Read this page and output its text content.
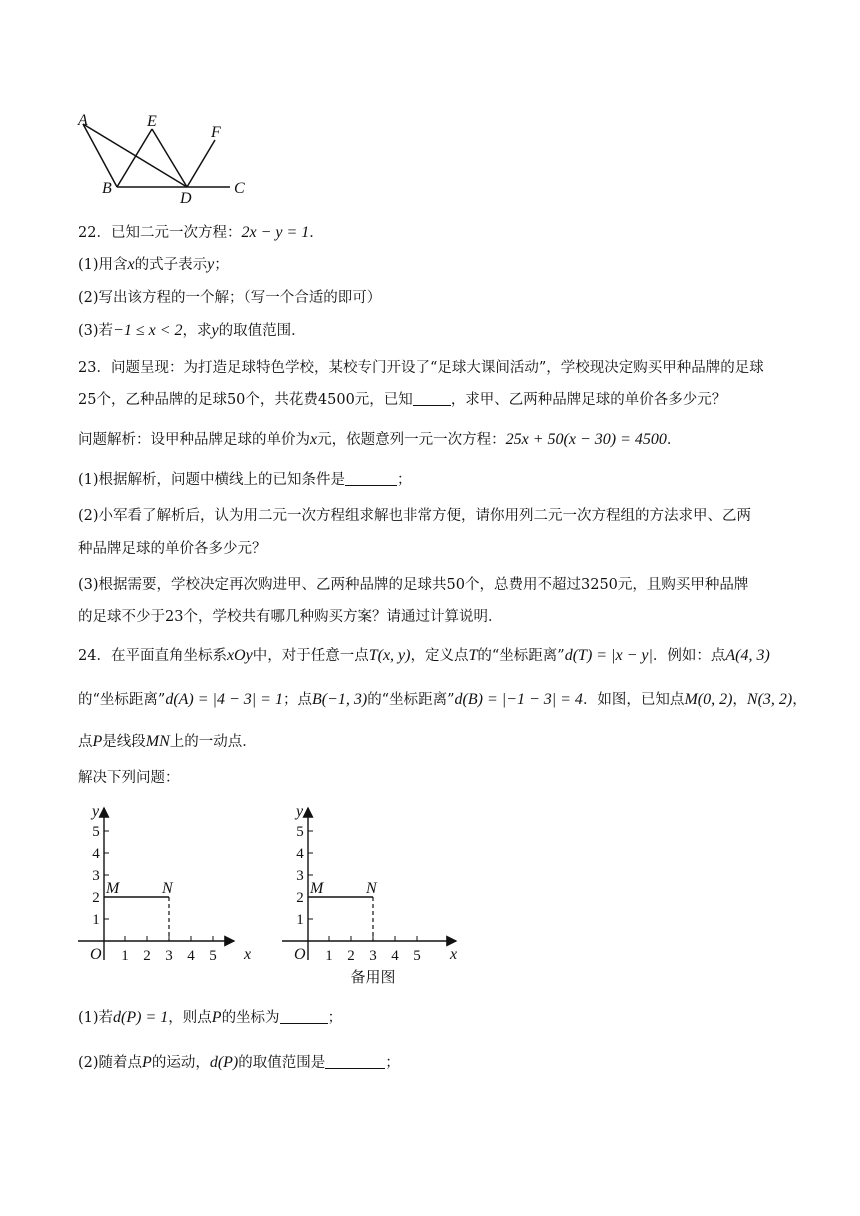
A	E
F
B
D
C
22．已知二元一次方程：2x − y = 1．
(1)用含x的式子表示y；
(2)写出该方程的一个解；（写一个合适的即可）
(3)若−1 ≤ x < 2，求y的取值范围．
23．问题呈现：为打造足球特色学校，某校专门开设了“足球大课间活动”，学校现决定购买甲种品牌的足球
25个，乙种品牌的足球50个，共花费4500元，已知	，求甲、乙两种品牌足球的单价各多少元？
问题解析：设甲种品牌足球的单价为x元，依题意列一元一次方程：25x + 50(x − 30) = 4500．
(1)根据解析，问题中横线上的已知条件是	；
(2)小军看了解析后，认为用二元一次方程组求解也非常方便，请你用列二元一次方程组的方法求甲、乙两
种品牌足球的单价各多少元？
(3)根据需要，学校决定再次购进甲、乙两种品牌的足球共50个，总费用不超过3250元，且购买甲种品牌
的足球不少于23个，学校共有哪几种购买方案？请通过计算说明．
24．在平面直角坐标系xOy中，对于任意一点T(x, y)，定义点T的“坐标距离”d(T) = |x − y|．例如：点A(4, 3)
的“坐标距离”d(A) = |4 − 3| = 1；点B(−1, 3)的“坐标距离”d(B) = |−1 − 3| = 4．如图，已知点M(0, 2)，N(3, 2)，
点P是线段MN上的一动点．
解决下列问题：
1 2 3 4 5
1
2
3
4
5
O	x
y
M	N
1 2 3 4 5
1
2
3
4
5
O	x
y
M	N
备用图
(1)若d(P) = 1，则点P的坐标为	；
(2)随着点P的运动，d(P)的取值范围是	；
